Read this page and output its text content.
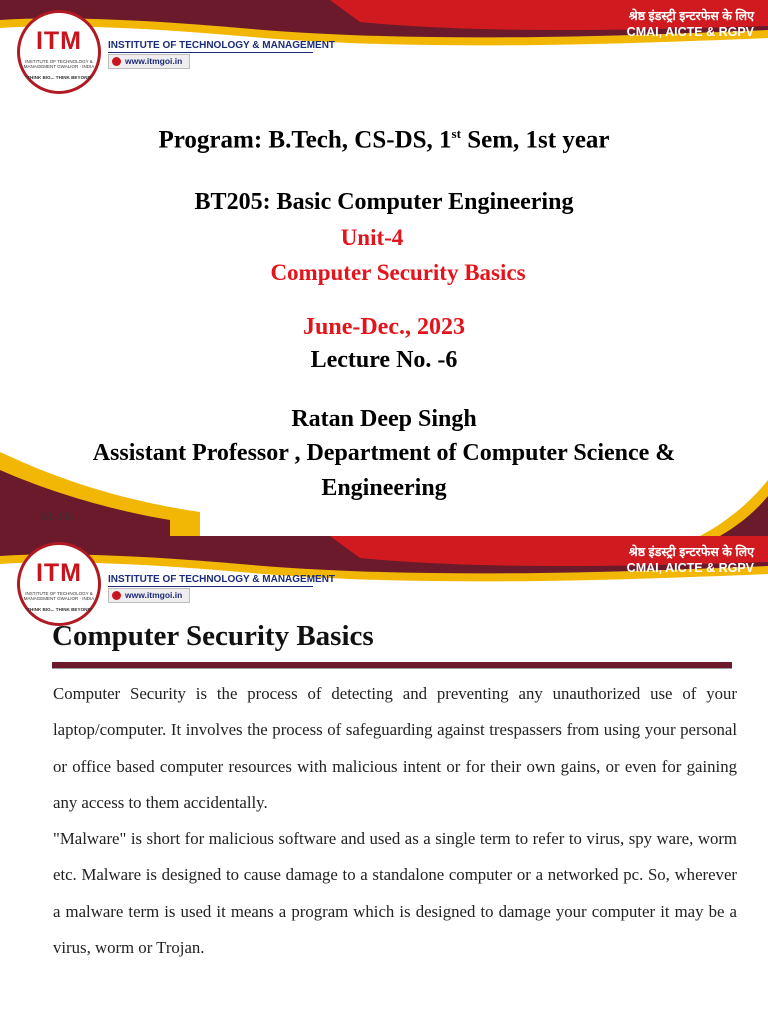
श्रेष्ठ इंडस्ट्री इन्टरफेस के लिए
CMAI, AICTE & RGPV
द्वारा पुरस्कृत
ITM
INSTITUTE OF TECHNOLOGY & MANAGEMENT GWALIOR · INDIA
"THINK BIG... THINK BEYOND"
INSTITUTE OF TECHNOLOGY & MANAGEMENT
www.itmgoi.in
Program: B.Tech, CS-DS, 1st Sem, 1st year
BT205: Basic Computer Engineering
Unit-4
Computer Security Basics
June-Dec., 2023
Lecture No. -6
Ratan Deep Singh
Assistant Professor , Department of Computer Science &
Engineering
BT-205	1
श्रेष्ठ इंडस्ट्री इन्टरफेस के लिए
CMAI, AICTE & RGPV
द्वारा पुरस्कृत
ITM
INSTITUTE OF TECHNOLOGY & MANAGEMENT GWALIOR · INDIA
"THINK BIG... THINK BEYOND"
INSTITUTE OF TECHNOLOGY & MANAGEMENT
www.itmgoi.in
Computer Security Basics

Computer Security is the process of detecting and preventing any unauthorized use of your laptop/computer. It involves the process of safeguarding against trespassers from using your personal or office based computer resources with malicious intent or for their own gains, or even for gaining any access to them accidentally.

"Malware" is short for malicious software and used as a single term to refer to virus, spy ware, worm etc. Malware is designed to cause damage to a standalone computer or a networked pc. So, wherever a malware term is used it means a program which is designed to damage your computer it may be a virus, worm or Trojan.
